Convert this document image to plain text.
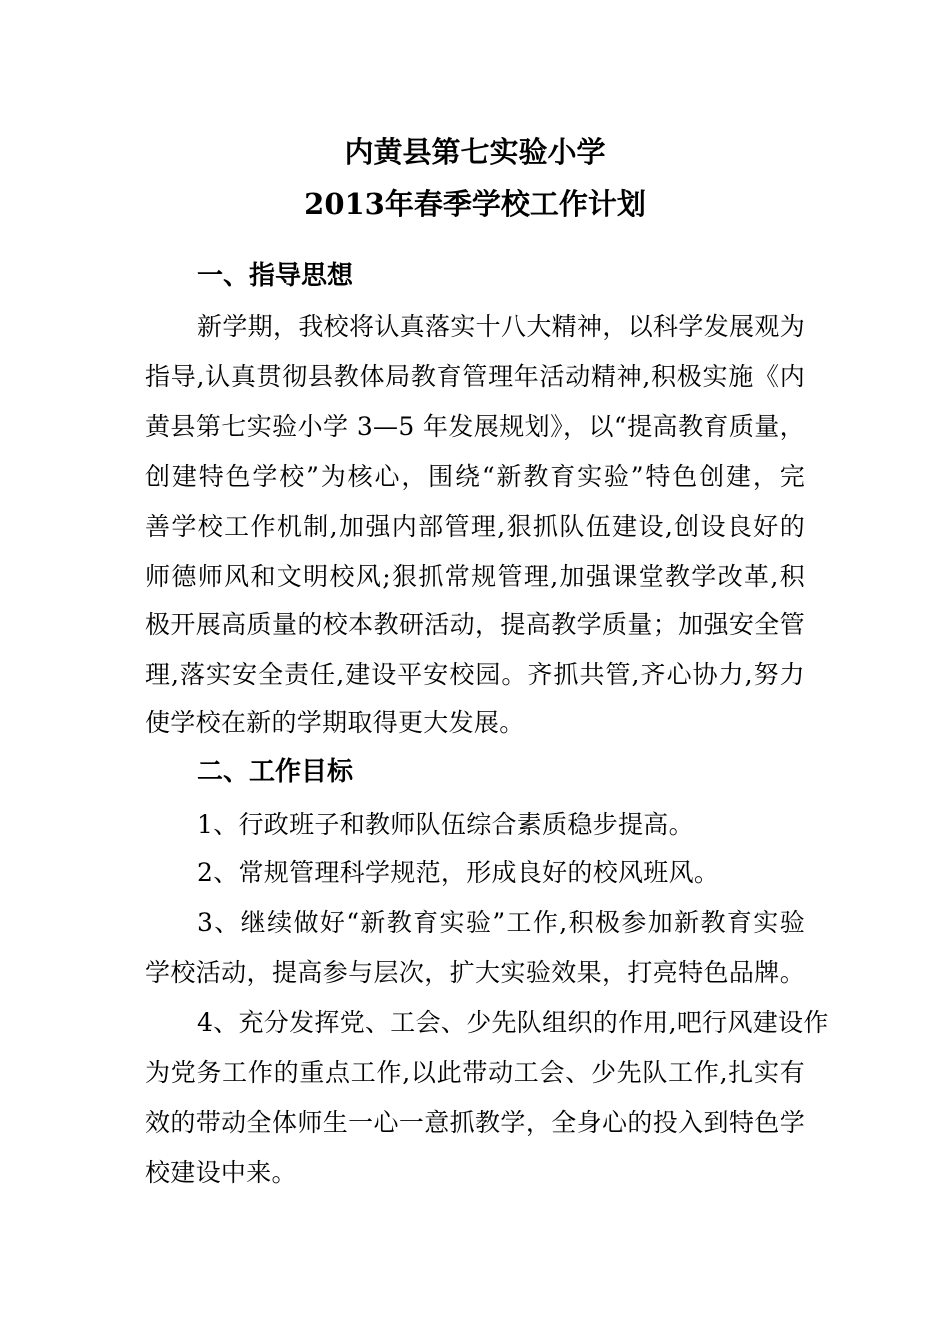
内黄县第七实验小学
2013年春季学校工作计划
一、指导思想
新学期，我校将认真落实十八大精神，以科学发展观为
指导,认真贯彻县教体局教育管理年活动精神,积极实施《内
黄县第七实验小学 3—5 年发展规划》，以“提高教育质量，
创建特色学校”为核心，围绕“新教育实验”特色创建，完
善学校工作机制,加强内部管理,狠抓队伍建设,创设良好的
师德师风和文明校风;狠抓常规管理,加强课堂教学改革,积
极开展高质量的校本教研活动，提高教学质量；加强安全管
理,落实安全责任,建设平安校园。齐抓共管,齐心协力,努力
使学校在新的学期取得更大发展。
二、工作目标
1、行政班子和教师队伍综合素质稳步提高。
2、常规管理科学规范，形成良好的校风班风。
3、继续做好“新教育实验”工作,积极参加新教育实验
学校活动，提高参与层次，扩大实验效果，打亮特色品牌。
4、充分发挥党、工会、少先队组织的作用,吧行风建设作
为党务工作的重点工作,以此带动工会、少先队工作,扎实有
效的带动全体师生一心一意抓教学，全身心的投入到特色学
校建设中来。
